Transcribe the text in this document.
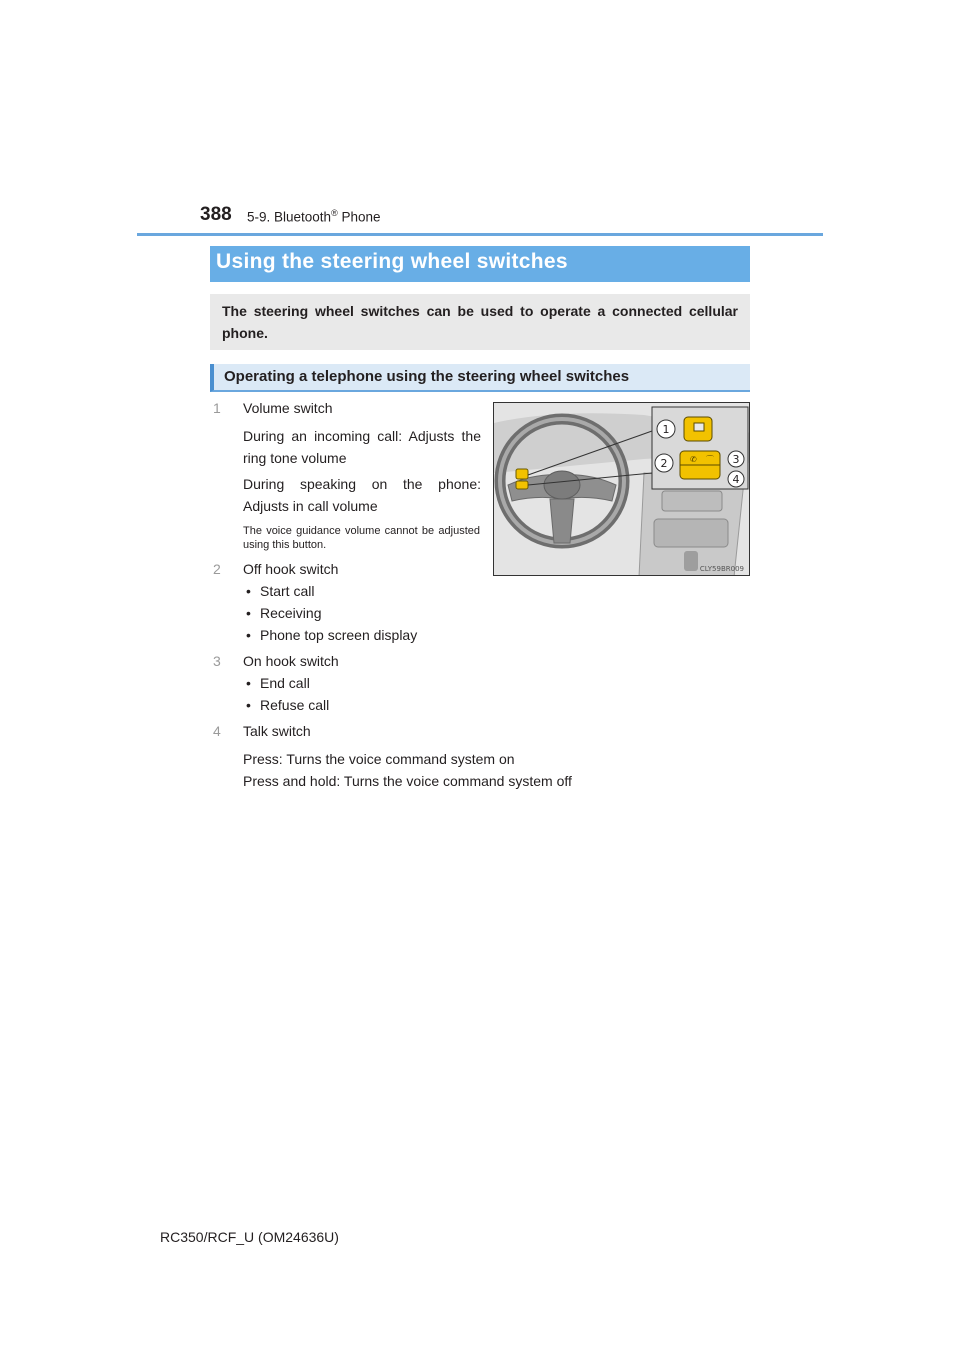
388 5-9. Bluetooth® Phone
Using the steering wheel switches
The steering wheel switches can be used to operate a connected cellular phone.
Operating a telephone using the steering wheel switches
1	Volume switch
During an incoming call: Adjusts the ring tone volume
During speaking on the phone: Adjusts in call volume
The voice guidance volume cannot be adjusted using this button.
2	Off hook switch
• Start call
• Receiving
• Phone top screen display
3	On hook switch
• End call
• Refuse call
4	Talk switch
Press: Turns the voice command system on
Press and hold: Turns the voice command system off
✆ ⌒
1
2	3
4
CLY59BR009
RC350/RCF_U (OM24636U)
